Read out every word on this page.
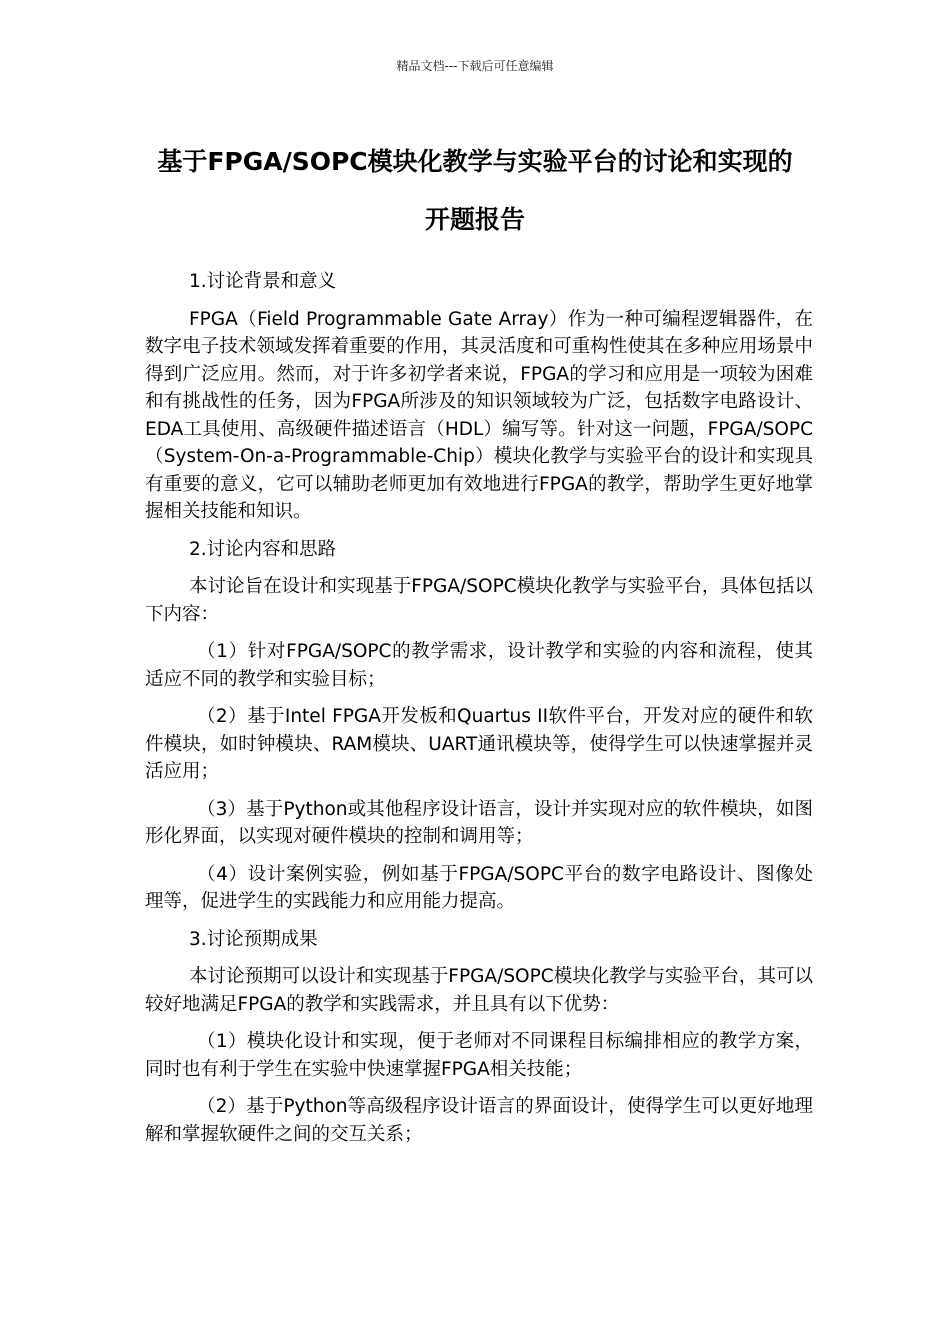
精品文档---下载后可任意编辑
基于FPGA/SOPC模块化教学与实验平台的讨论和实现的开题报告

1.讨论背景和意义

FPGA（Field Programmable Gate Array）作为一种可编程逻辑器件，在数字电子技术领域发挥着重要的作用，其灵活度和可重构性使其在多种应用场景中得到广泛应用。然而，对于许多初学者来说，FPGA的学习和应用是一项较为困难和有挑战性的任务，因为FPGA所涉及的知识领域较为广泛，包括数字电路设计、EDA工具使用、高级硬件描述语言（HDL）编写等。针对这一问题，FPGA/SOPC（System-On-a-Programmable-Chip）模块化教学与实验平台的设计和实现具有重要的意义，它可以辅助老师更加有效地进行FPGA的教学，帮助学生更好地掌握相关技能和知识。

2.讨论内容和思路

本讨论旨在设计和实现基于FPGA/SOPC模块化教学与实验平台，具体包括以下内容：

（1）针对FPGA/SOPC的教学需求，设计教学和实验的内容和流程，使其适应不同的教学和实验目标；

（2）基于Intel FPGA开发板和Quartus II软件平台，开发对应的硬件和软件模块，如时钟模块、RAM模块、UART通讯模块等，使得学生可以快速掌握并灵活应用；

（3）基于Python或其他程序设计语言，设计并实现对应的软件模块，如图形化界面，以实现对硬件模块的控制和调用等；

（4）设计案例实验，例如基于FPGA/SOPC平台的数字电路设计、图像处理等，促进学生的实践能力和应用能力提高。

3.讨论预期成果

本讨论预期可以设计和实现基于FPGA/SOPC模块化教学与实验平台，其可以较好地满足FPGA的教学和实践需求，并且具有以下优势：

（1）模块化设计和实现，便于老师对不同课程目标编排相应的教学方案，同时也有利于学生在实验中快速掌握FPGA相关技能；

（2）基于Python等高级程序设计语言的界面设计，使得学生可以更好地理解和掌握软硬件之间的交互关系；
